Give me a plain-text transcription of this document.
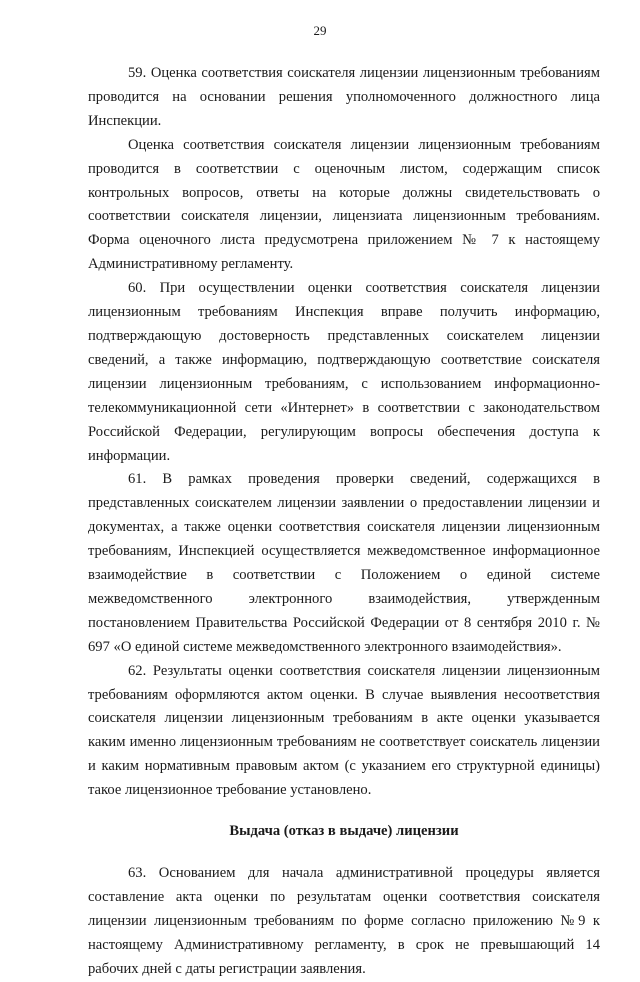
29

59. Оценка соответствия соискателя лицензии лицензионным требованиям проводится на основании решения уполномоченного должностного лица Инспекции.

Оценка соответствия соискателя лицензии лицензионным требованиям проводится в соответствии с оценочным листом, содержащим список контрольных вопросов, ответы на которые должны свидетельствовать о соответствии соискателя лицензии, лицензиата лицензионным требованиям. Форма оценочного листа предусмотрена приложением № 7 к настоящему Административному регламенту.

60. При осуществлении оценки соответствия соискателя лицензии лицензионным требованиям Инспекция вправе получить информацию, подтверждающую достоверность представленных соискателем лицензии сведений, а также информацию, подтверждающую соответствие соискателя лицензии лицензионным требованиям, с использованием информационно-телекоммуникационной сети «Интернет» в соответствии с законодательством Российской Федерации, регулирующим вопросы обеспечения доступа к информации.

61. В рамках проведения проверки сведений, содержащихся в представленных соискателем лицензии заявлении о предоставлении лицензии и документах, а также оценки соответствия соискателя лицензии лицензионным требованиям, Инспекцией осуществляется межведомственное информационное взаимодействие в соответствии с Положением о единой системе межведомственного электронного взаимодействия, утвержденным постановлением Правительства Российской Федерации от 8 сентября 2010 г. № 697 «О единой системе межведомственного электронного взаимодействия».

62. Результаты оценки соответствия соискателя лицензии лицензионным требованиям оформляются актом оценки. В случае выявления несоответствия соискателя лицензии лицензионным требованиям в акте оценки указывается каким именно лицензионным требованиям не соответствует соискатель лицензии и каким нормативным правовым актом (с указанием его структурной единицы) такое лицензионное требование установлено.

Выдача (отказ в выдаче) лицензии

63. Основанием для начала административной процедуры является составление акта оценки по результатам оценки соответствия соискателя лицензии лицензионным требованиям по форме согласно приложению №9 к настоящему Административному регламенту, в срок не превышающий 14 рабочих дней с даты регистрации заявления.
